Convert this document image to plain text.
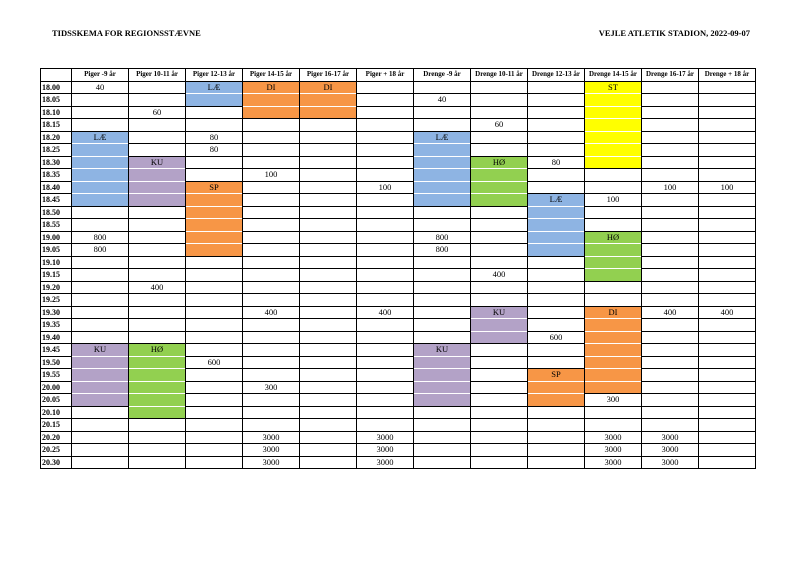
TIDSSKEMA FOR REGIONSSTÆVNE	VEJLE ATLETIK STADION, 2022-09-07
	Piger -9 år	Piger 10-11 år	Piger 12-13 år	Piger 14-15 år	Piger 16-17 år	Piger + 18 år	Drenge -9 år	Drenge 10-11 år	Drenge 12-13 år	Drenge 14-15 år	Drenge 16-17 år	Drenge + 18 år
18.00	40		LÆ	DI	DI					ST		
18.05							40					
18.10		60										
18.15								60				
18.20	LÆ		80				LÆ					
18.25			80									
18.30		KU						HØ	80			
18.35				100								
18.40			SP			100					100	100
18.45									LÆ	100		
18.50												
18.55												
19.00	800						800			HØ		
19.05	800						800					
19.10												
19.15								400				
19.20		400										
19.25												
19.30				400		400		KU		DI	400	400
19.35												
19.40									600			
19.45	KU	HØ					KU					
19.50			600									
19.55									SP			
20.00				300								
20.05										300		
20.10												
20.15												
20.20				3000		3000				3000	3000	
20.25				3000		3000				3000	3000	
20.30				3000		3000				3000	3000	
